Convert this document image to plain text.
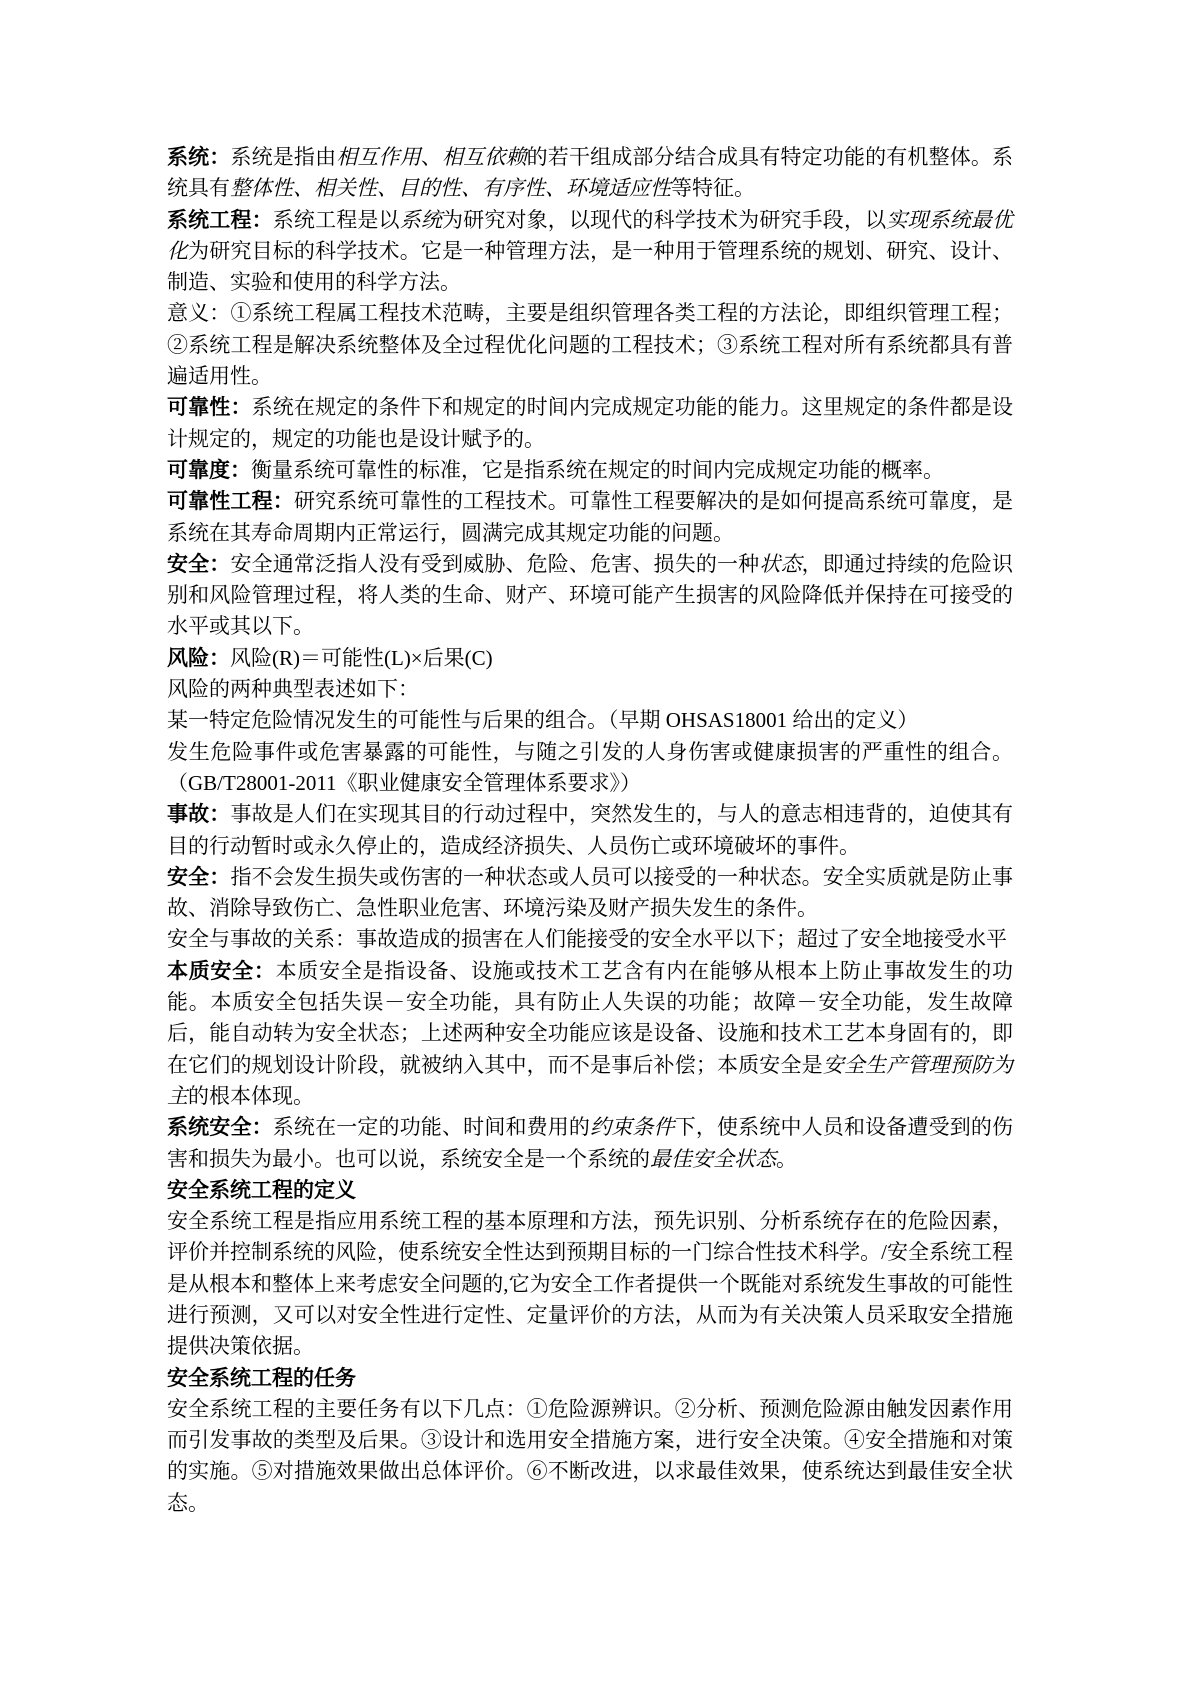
系统：系统是指由相互作用、相互依赖的若干组成部分结合成具有特定功能的有机整体。系统具有整体性、相关性、目的性、有序性、环境适应性等特征。

系统工程：系统工程是以系统为研究对象，以现代的科学技术为研究手段，以实现系统最优化为研究目标的科学技术。它是一种管理方法，是一种用于管理系统的规划、研究、设计、制造、实验和使用的科学方法。

意义：①系统工程属工程技术范畴，主要是组织管理各类工程的方法论，即组织管理工程；②系统工程是解决系统整体及全过程优化问题的工程技术；③系统工程对所有系统都具有普遍适用性。

可靠性：系统在规定的条件下和规定的时间内完成规定功能的能力。这里规定的条件都是设计规定的，规定的功能也是设计赋予的。

可靠度：衡量系统可靠性的标准，它是指系统在规定的时间内完成规定功能的概率。

可靠性工程：研究系统可靠性的工程技术。可靠性工程要解决的是如何提高系统可靠度，是系统在其寿命周期内正常运行，圆满完成其规定功能的问题。

安全：安全通常泛指人没有受到威胁、危险、危害、损失的一种状态，即通过持续的危险识别和风险管理过程，将人类的生命、财产、环境可能产生损害的风险降低并保持在可接受的水平或其以下。

风险：风险(R)＝可能性(L)×后果(C)

风险的两种典型表述如下：

某一特定危险情况发生的可能性与后果的组合。（早期 OHSAS18001 给出的定义）

发生危险事件或危害暴露的可能性，与随之引发的人身伤害或健康损害的严重性的组合。（GB/T28001-2011《职业健康安全管理体系要求》）

事故：事故是人们在实现其目的行动过程中，突然发生的，与人的意志相违背的，迫使其有目的行动暂时或永久停止的，造成经济损失、人员伤亡或环境破坏的事件。

安全：指不会发生损失或伤害的一种状态或人员可以接受的一种状态。安全实质就是防止事故、消除导致伤亡、急性职业危害、环境污染及财产损失发生的条件。

安全与事故的关系：事故造成的损害在人们能接受的安全水平以下；超过了安全地接受水平

本质安全：本质安全是指设备、设施或技术工艺含有内在能够从根本上防止事故发生的功能。本质安全包括失误－安全功能，具有防止人失误的功能；故障－安全功能，发生故障后，能自动转为安全状态；上述两种安全功能应该是设备、设施和技术工艺本身固有的，即在它们的规划设计阶段，就被纳入其中，而不是事后补偿；本质安全是安全生产管理预防为主的根本体现。

系统安全：系统在一定的功能、时间和费用的约束条件下，使系统中人员和设备遭受到的伤害和损失为最小。也可以说，系统安全是一个系统的最佳安全状态。

安全系统工程的定义

安全系统工程是指应用系统工程的基本原理和方法，预先识别、分析系统存在的危险因素，评价并控制系统的风险，使系统安全性达到预期目标的一门综合性技术科学。/安全系统工程是从根本和整体上来考虑安全问题的,它为安全工作者提供一个既能对系统发生事故的可能性进行预测，又可以对安全性进行定性、定量评价的方法，从而为有关决策人员采取安全措施提供决策依据。

安全系统工程的任务

安全系统工程的主要任务有以下几点：①危险源辨识。②分析、预测危险源由触发因素作用而引发事故的类型及后果。③设计和选用安全措施方案，进行安全决策。④安全措施和对策的实施。⑤对措施效果做出总体评价。⑥不断改进，以求最佳效果，使系统达到最佳安全状态。
